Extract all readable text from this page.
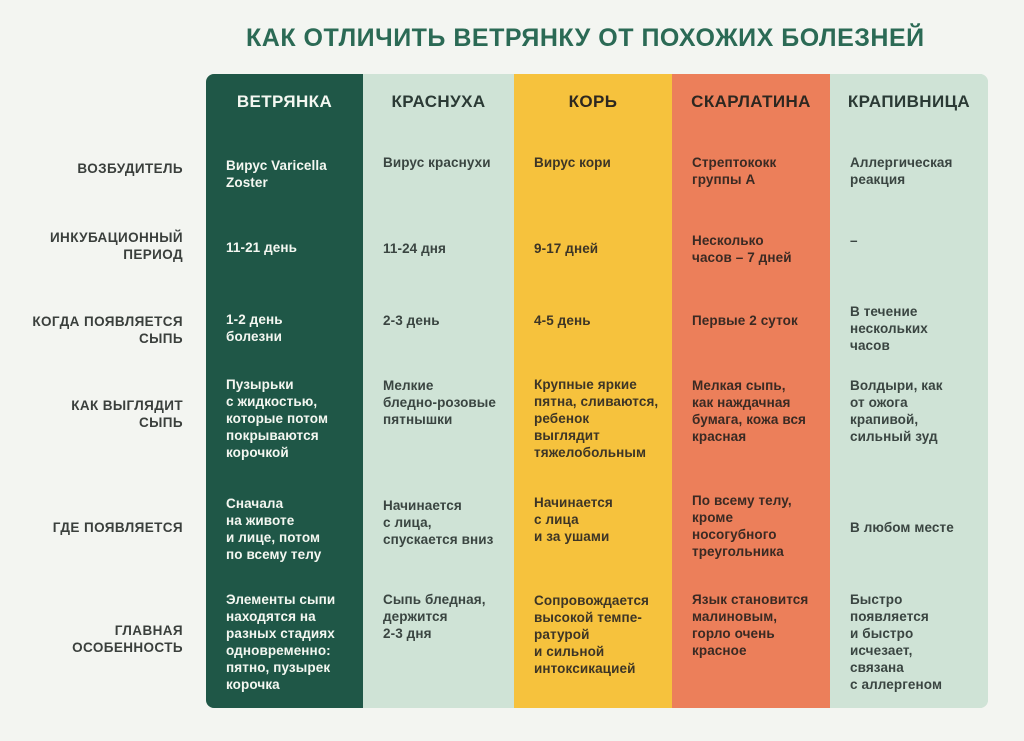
КАК ОТЛИЧИТЬ ВЕТРЯНКУ ОТ ПОХОЖИХ БОЛЕЗНЕЙ
ВОЗБУДИТЕЛЬ
ИНКУБАЦИОННЫЙ
ПЕРИОД
КОГДА ПОЯВЛЯЕТСЯ
СЫПЬ
КАК ВЫГЛЯДИТ
СЫПЬ
ГДЕ ПОЯВЛЯЕТСЯ
ГЛАВНАЯ
ОСОБЕННОСТЬ
ВЕТРЯНКА
Вирус Varicella
Zoster
11-21 день
1-2 день
болезни
Пузырьки
с жидкостью,
которые потом
покрываются
корочкой
Сначала
на животе
и лице, потом
по всему телу
Элементы сыпи
находятся на
разных стадиях
одновременно:
пятно, пузырек
корочка
КРАСНУХА
Вирус краснухи
11-24 дня
2-3 день
Мелкие
бледно-розовые
пятнышки
Начинается
с лица,
спускается вниз
Сыпь бледная,
держится
2-3 дня
КОРЬ
Вирус кори
9-17 дней
4-5 день
Крупные яркие
пятна, сливаются,
ребенок
выглядит
тяжелобольным
Начинается
с лица
и за ушами
Сопровождается
высокой темпе-
ратурой
и сильной
интоксикацией
СКАРЛАТИНА
Стрептококк
группы А
Несколько
часов – 7 дней
Первые 2 суток
Мелкая сыпь,
как наждачная
бумага, кожа вся
красная
По всему телу,
кроме
носогубного
треугольника
Язык становится
малиновым,
горло очень
красное
КРАПИВНИЦА
Аллергическая
реакция
–
В течение
нескольких
часов
Волдыри, как
от ожога
крапивой,
сильный зуд
В любом месте
Быстро
появляется
и быстро
исчезает,
связана
с аллергеном
